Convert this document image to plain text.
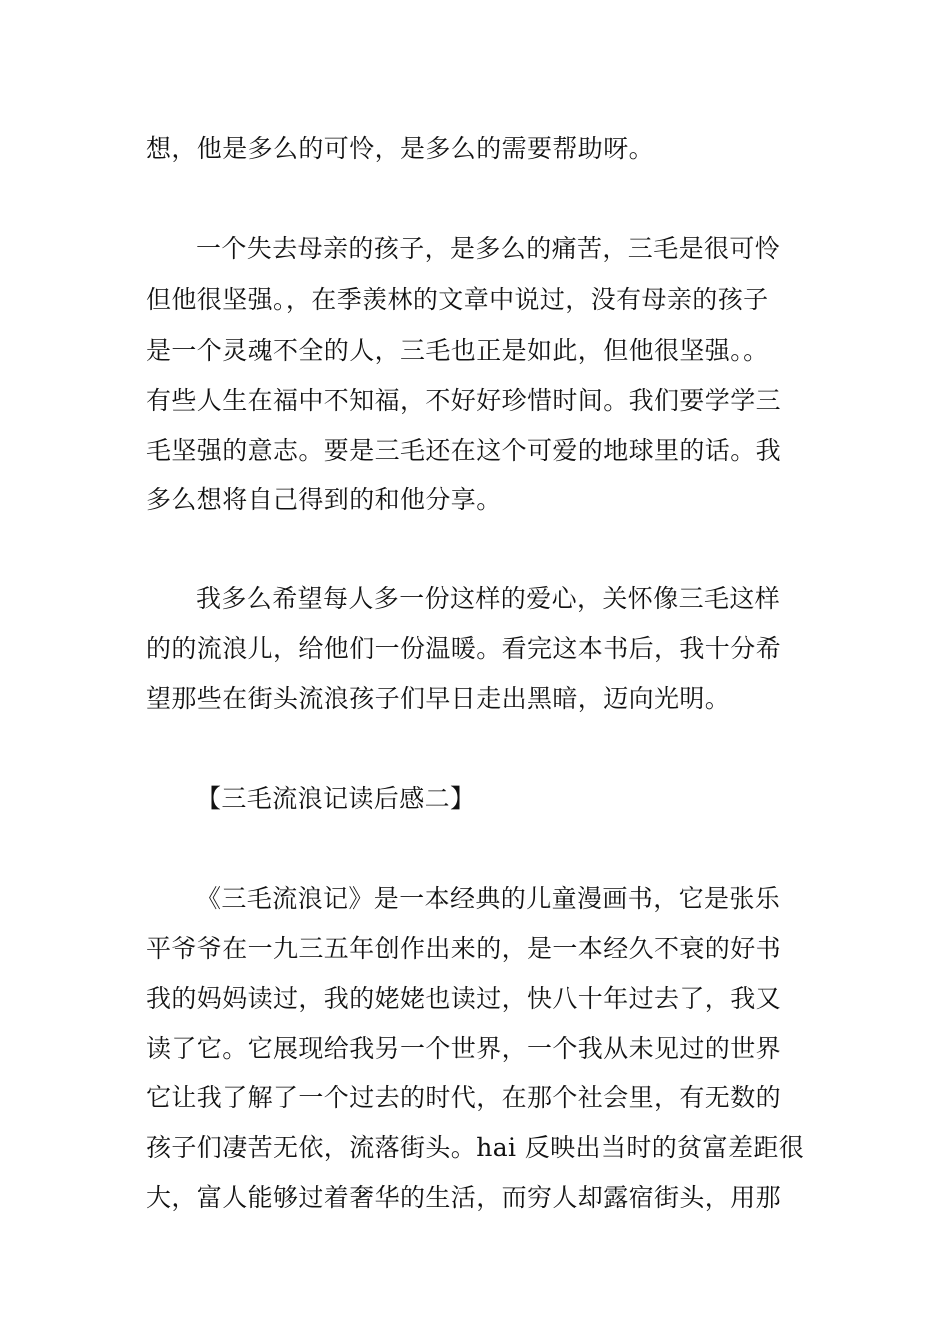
想，他是多么的可怜，是多么的需要帮助呀。
一个失去母亲的孩子，是多么的痛苦，三毛是很可怜
但他很坚强。，在季羡林的文章中说过，没有母亲的孩子
是一个灵魂不全的人，三毛也正是如此，但他很坚强。。
有些人生在福中不知福，不好好珍惜时间。我们要学学三
毛坚强的意志。要是三毛还在这个可爱的地球里的话。我
多么想将自己得到的和他分享。
我多么希望每人多一份这样的爱心，关怀像三毛这样
的的流浪儿，给他们一份温暖。看完这本书后，我十分希
望那些在街头流浪孩子们早日走出黑暗，迈向光明。
【三毛流浪记读后感二】
《三毛流浪记》是一本经典的儿童漫画书，它是张乐
平爷爷在一九三五年创作出来的，是一本经久不衰的好书
我的妈妈读过，我的姥姥也读过，快八十年过去了，我又
读了它。它展现给我另一个世界，一个我从未见过的世界
它让我了解了一个过去的时代，在那个社会里，有无数的
孩子们凄苦无依，流落街头。hai 反映出当时的贫富差距很
大，富人能够过着奢华的生活，而穷人却露宿街头，用那
